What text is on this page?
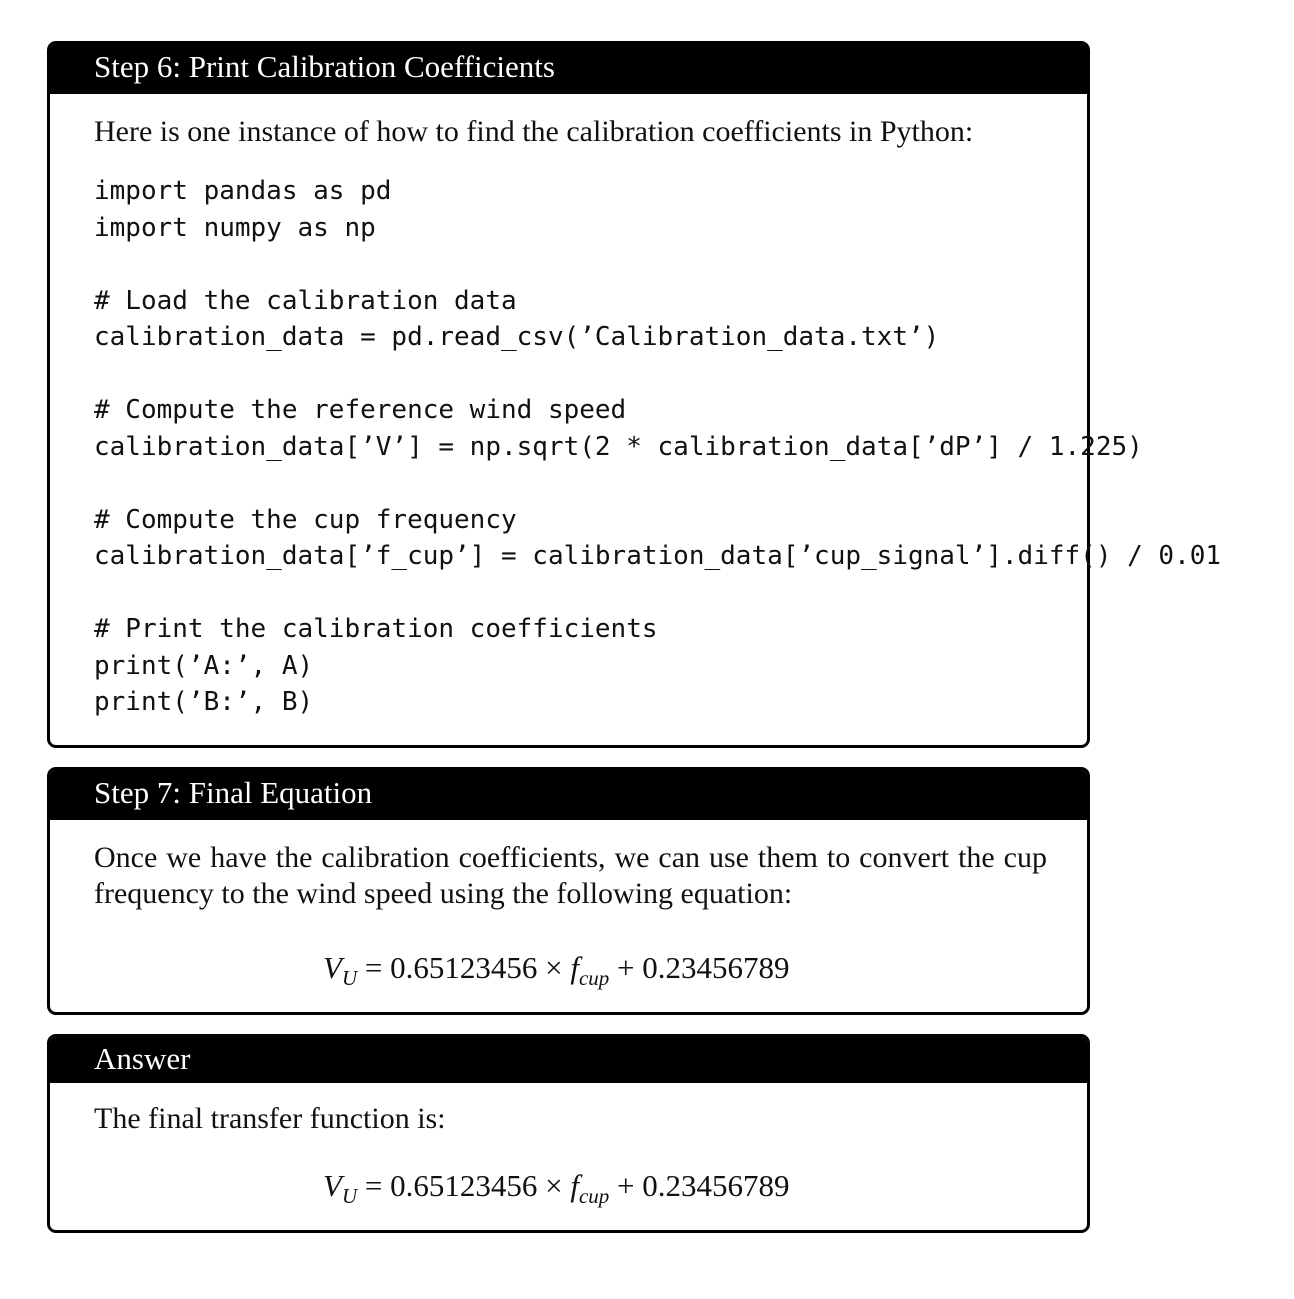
Step 6: Print Calibration Coefficients

Here is one instance of how to find the calibration coefficients in Python:

import pandas as pd
import numpy as np

# Load the calibration data
calibration_data = pd.read_csv(’Calibration_data.txt’)

# Compute the reference wind speed

# Compute the cup frequency

# Print the calibration coefficients
print(’A:’, A)
print(’B:’, B)
calibration_data[’V’] = np.sqrt(2 * calibration_data[’dP’] / 1.225)
calibration_data[’f_cup’] = calibration_data[’cup_signal’].diff() / 0.01
Step 7: Final Equation

Once we have the calibration coefficients, we can use them to convert the cup frequency to the wind speed using the following equation:

$V_U = 0.65123456 \times f_{cup} + 0.23456789$
Answer

The final transfer function is:

$V_U = 0.65123456 \times f_{cup} + 0.23456789$
